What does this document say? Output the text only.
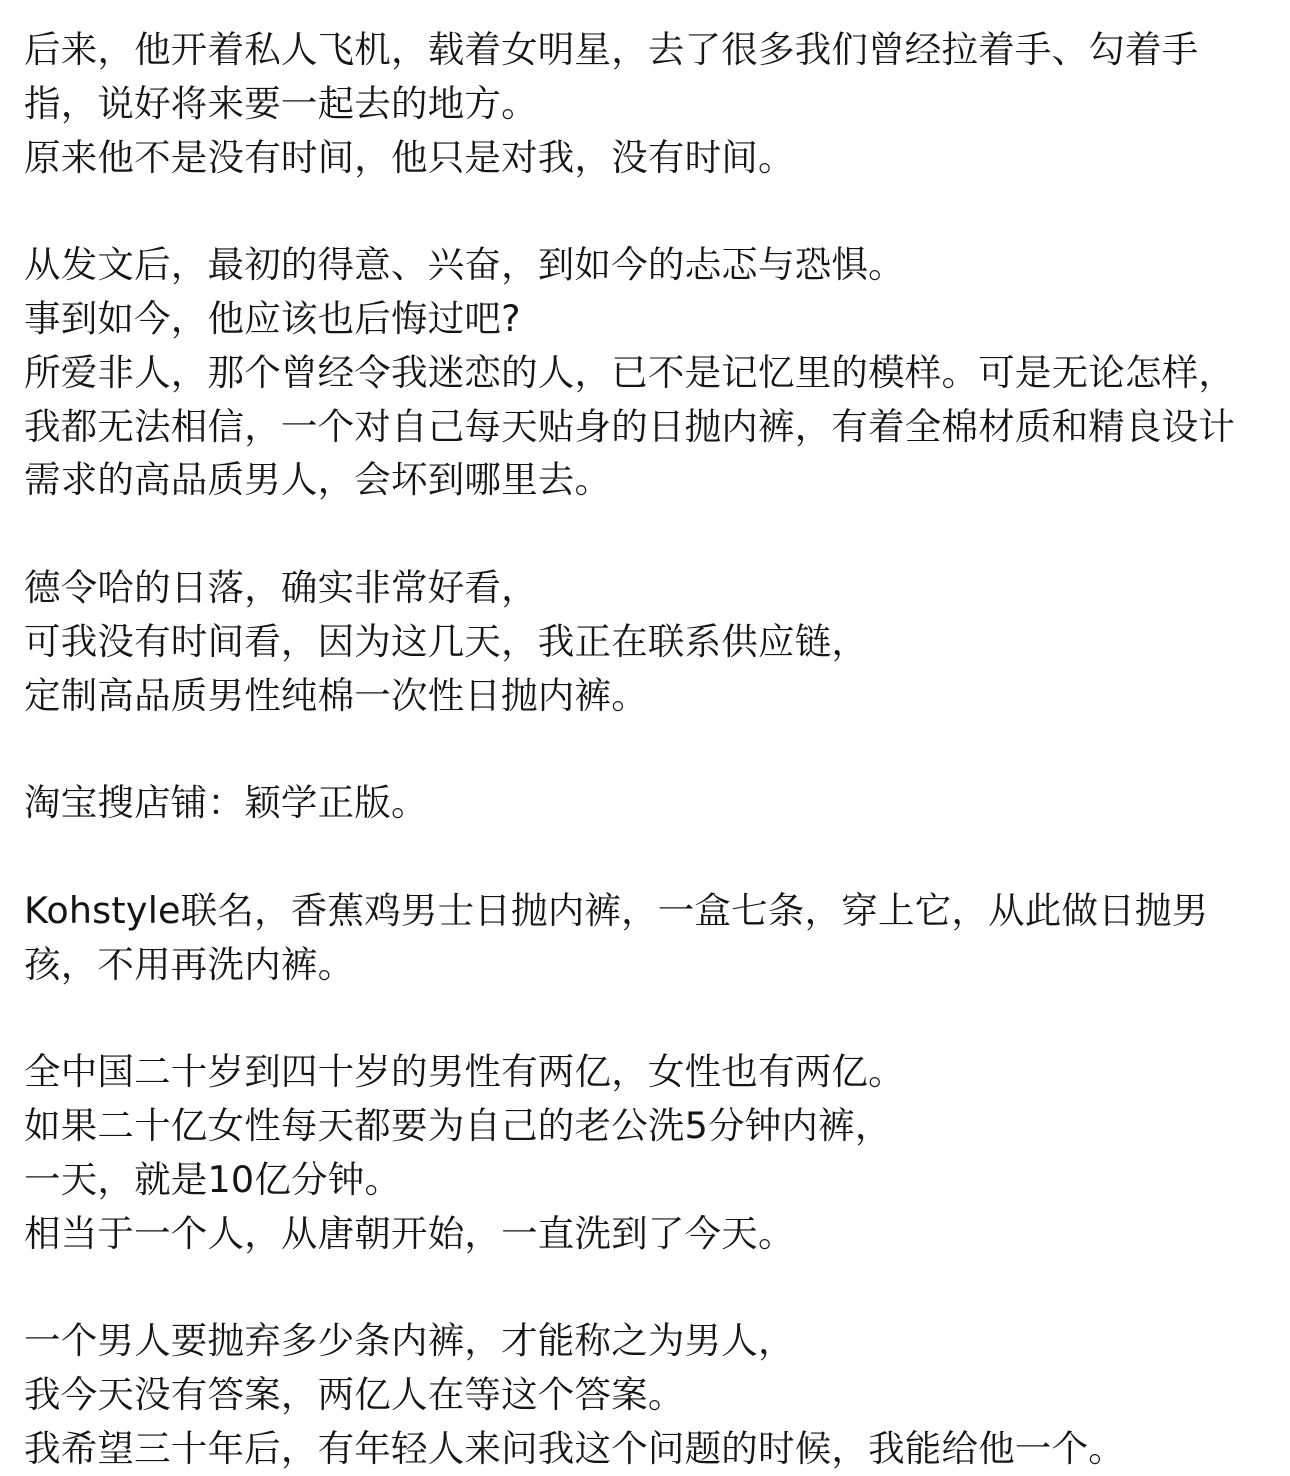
后来，他开着私人飞机，载着女明星，去了很多我们曾经拉着手、勾着手
指，说好将来要一起去的地方。
原来他不是没有时间，他只是对我，没有时间。
从发文后，最初的得意、兴奋，到如今的忐忑与恐惧。
事到如今，他应该也后悔过吧?
所爱非人，那个曾经令我迷恋的人，已不是记忆里的模样。可是无论怎样，
我都无法相信，一个对自己每天贴身的日抛内裤，有着全棉材质和精良设计
需求的高品质男人，会坏到哪里去。
德令哈的日落，确实非常好看，
可我没有时间看，因为这几天，我正在联系供应链，
定制高品质男性纯棉一次性日抛内裤。
淘宝搜店铺：颖学正版。
Kohstyle联名，香蕉鸡男士日抛内裤，一盒七条，穿上它，从此做日抛男
孩，不用再洗内裤。
全中国二十岁到四十岁的男性有两亿，女性也有两亿。
如果二十亿女性每天都要为自己的老公洗5分钟内裤，
一天，就是10亿分钟。
相当于一个人，从唐朝开始，一直洗到了今天。
一个男人要抛弃多少条内裤，才能称之为男人，
我今天没有答案，两亿人在等这个答案。
我希望三十年后，有年轻人来问我这个问题的时候，我能给他一个。
